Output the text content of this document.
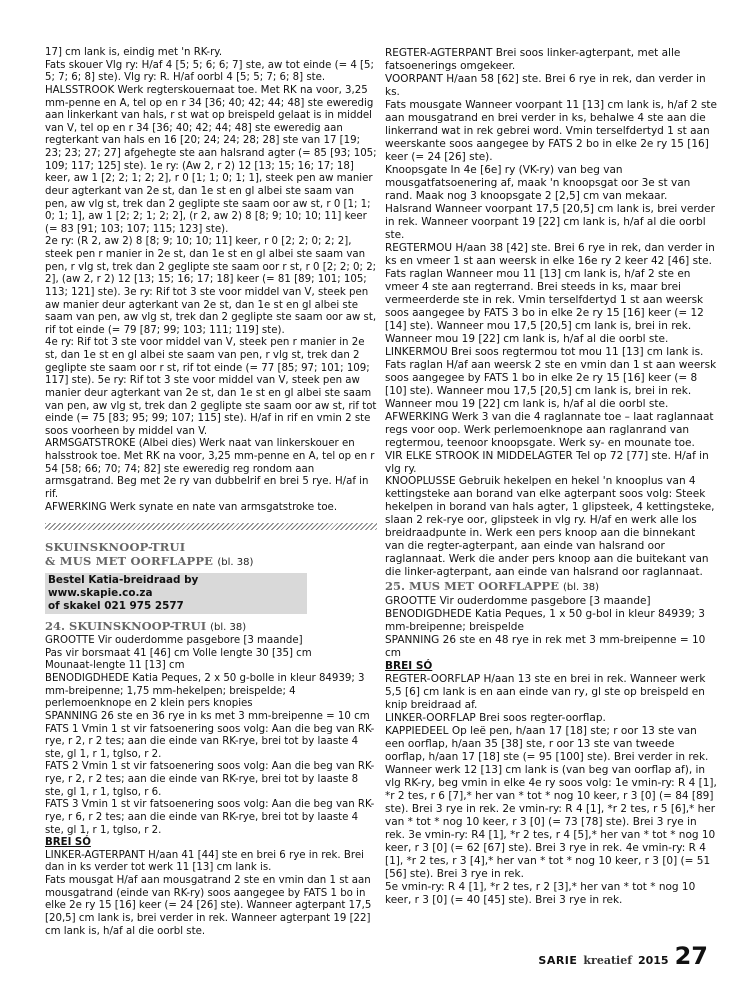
17] cm lank is, eindig met 'n RK-ry.

Fats skouer Vlg ry: H/af 4 [5; 5; 6; 6; 7] ste, aw tot einde (= 4 [5; 5; 7; 6; 8] ste). Vlg ry: R. H/af oorbl 4 [5; 5; 7; 6; 8] ste.

HALSSTROOK Werk regterskouernaat toe. Met RK na voor, 3,25 mm-penne en A, tel op en r 34 [36; 40; 42; 44; 48] ste eweredig aan linkerkant van hals, r st wat op breispeld gelaat is in middel van V, tel op en r 34 [36; 40; 42; 44; 48] ste eweredig aan regterkant van hals en 16 [20; 24; 24; 28; 28] ste van 17 [19; 23; 23; 27; 27] afgehegte ste aan halsrand agter (= 85 [93; 105; 109; 117; 125] ste). 1e ry: (Aw 2, r 2) 12 [13; 15; 16; 17; 18] keer, aw 1 [2; 2; 1; 2; 2], r 0 [1; 1; 0; 1; 1], steek pen aw manier deur agterkant van 2e st, dan 1e st en gl albei ste saam van pen, aw vlg st, trek dan 2 geglipte ste saam oor aw st, r 0 [1; 1; 0; 1; 1], aw 1 [2; 2; 1; 2; 2], (r 2, aw 2) 8 [8; 9; 10; 10; 11] keer (= 83 [91; 103; 107; 115; 123] ste).

2e ry: (R 2, aw 2) 8 [8; 9; 10; 10; 11] keer, r 0 [2; 2; 0; 2; 2], steek pen r manier in 2e st, dan 1e st en gl albei ste saam van pen, r vlg st, trek dan 2 geglipte ste saam oor r st, r 0 [2; 2; 0; 2; 2], (aw 2, r 2) 12 [13; 15; 16; 17; 18] keer (= 81 [89; 101; 105; 113; 121] ste). 3e ry: Rif tot 3 ste voor middel van V, steek pen aw manier deur agterkant van 2e st, dan 1e st en gl albei ste saam van pen, aw vlg st, trek dan 2 geglipte ste saam oor aw st, rif tot einde (= 79 [87; 99; 103; 111; 119] ste).

4e ry: Rif tot 3 ste voor middel van V, steek pen r manier in 2e st, dan 1e st en gl albei ste saam van pen, r vlg st, trek dan 2 geglipte ste saam oor r st, rif tot einde (= 77 [85; 97; 101; 109; 117] ste). 5e ry: Rif tot 3 ste voor middel van V, steek pen aw manier deur agterkant van 2e st, dan 1e st en gl albei ste saam van pen, aw vlg st, trek dan 2 geglipte ste saam oor aw st, rif tot einde (= 75 [83; 95; 99; 107; 115] ste). H/af in rif en vmin 2 ste soos voorheen by middel van V.

ARMSGATSTROKE (Albei dies) Werk naat van linkerskouer en halsstrook toe. Met RK na voor, 3,25 mm-penne en A, tel op en r 54 [58; 66; 70; 74; 82] ste eweredig reg rondom aan armsgatrand. Beg met 2e ry van dubbelrif en brei 5 rye. H/af in rif.

AFWERKING Werk synate en nate van armsgatstroke toe.

SKUINSKNOOP-TRUI
& MUS MET OORFLAPPE (bl. 38)

Bestel Katia-breidraad by www.skapie.co.za
of skakel 021 975 2577

24. SKUINSKNOOP-TRUI (bl. 38)

GROOTTE Vir ouderdomme pasgebore [3 maande]

Pas vir borsmaat 41 [46] cm Volle lengte 30 [35] cm

Mounaat-lengte 11 [13] cm

BENODIGDHEDE Katia Peques, 2 x 50 g-bolle in kleur 84939; 3 mm-breipenne; 1,75 mm-hekelpen; breispelde; 4 perlemoenknope en 2 klein pers knopies

SPANNING 26 ste en 36 rye in ks met 3 mm-breipenne = 10 cm

FATS 1 Vmin 1 st vir fatsoenering soos volg: Aan die beg van RK-rye, r 2, r 2 tes; aan die einde van RK-rye, brei tot by laaste 4 ste, gl 1, r 1, tglso, r 2.

FATS 2 Vmin 1 st vir fatsoenering soos volg: Aan die beg van RK-rye, r 2, r 2 tes; aan die einde van RK-rye, brei tot by laaste 8 ste, gl 1, r 1, tglso, r 6.

FATS 3 Vmin 1 st vir fatsoenering soos volg: Aan die beg van RK-rye, r 6, r 2 tes; aan die einde van RK-rye, brei tot by laaste 4 ste, gl 1, r 1, tglso, r 2.

BREI SÓ

LINKER-AGTERPANT H/aan 41 [44] ste en brei 6 rye in rek. Brei dan in ks verder tot werk 11 [13] cm lank is.

Fats mousgat H/af aan mousgatrand 2 ste en vmin dan 1 st aan mousgatrand (einde van RK-ry) soos aangegee by FATS 1 bo in elke 2e ry 15 [16] keer (= 24 [26] ste). Wanneer agterpant 17,5 [20,5] cm lank is, brei verder in rek. Wanneer agterpant 19 [22] cm lank is, h/af al die oorbl ste.

REGTER-AGTERPANT Brei soos linker-agterpant, met alle fatsoenerings omgekeer.

VOORPANT H/aan 58 [62] ste. Brei 6 rye in rek, dan verder in ks.

Fats mousgate Wanneer voorpant 11 [13] cm lank is, h/af 2 ste aan mousgatrand en brei verder in ks, behalwe 4 ste aan die linkerrand wat in rek gebrei word. Vmin terselfdertyd 1 st aan weerskante soos aangegee by FATS 2 bo in elke 2e ry 15 [16] keer (= 24 [26] ste).

Knoopsgate In 4e [6e] ry (VK-ry) van beg van mousgatfatsoenering af, maak 'n knoopsgat oor 3e st van rand. Maak nog 3 knoopsgate 2 [2,5] cm van mekaar.

Halsrand Wanneer voorpant 17,5 [20,5] cm lank is, brei verder in rek. Wanneer voorpant 19 [22] cm lank is, h/af al die oorbl ste.

REGTERMOU H/aan 38 [42] ste. Brei 6 rye in rek, dan verder in ks en vmeer 1 st aan weersk in elke 16e ry 2 keer 42 [46] ste.

Fats raglan Wanneer mou 11 [13] cm lank is, h/af 2 ste en vmeer 4 ste aan regterrand. Brei steeds in ks, maar brei vermeerderde ste in rek. Vmin terselfdertyd 1 st aan weersk soos aangegee by FATS 3 bo in elke 2e ry 15 [16] keer (= 12 [14] ste). Wanneer mou 17,5 [20,5] cm lank is, brei in rek. Wanneer mou 19 [22] cm lank is, h/af al die oorbl ste.

LINKERMOU Brei soos regtermou tot mou 11 [13] cm lank is.

Fats raglan H/af aan weersk 2 ste en vmin dan 1 st aan weersk soos aangegee by FATS 1 bo in elke 2e ry 15 [16] keer (= 8 [10] ste). Wanneer mou 17,5 [20,5] cm lank is, brei in rek. Wanneer mou 19 [22] cm lank is, h/af al die oorbl ste.

AFWERKING Werk 3 van die 4 raglannate toe – laat raglannaat regs voor oop. Werk perlemoenknope aan raglanrand van regtermou, teenoor knoopsgate. Werk sy- en mounate toe.

VIR ELKE STROOK IN MIDDELAGTER Tel op 72 [77] ste. H/af in vlg ry.

KNOOPLUSSE Gebruik hekelpen en hekel 'n knooplus van 4 kettingsteke aan borand van elke agterpant soos volg: Steek hekelpen in borand van hals agter, 1 glipsteek, 4 kettingsteke, slaan 2 rek-rye oor, glipsteek in vlg ry. H/af en werk alle los breidraadpunte in. Werk een pers knoop aan die binnekant van die regter-agterpant, aan einde van halsrand oor raglannaat. Werk die ander pers knoop aan die buitekant van die linker-agterpant, aan einde van halsrand oor raglannaat.

25. MUS MET OORFLAPPE (bl. 38)

GROOTTE Vir ouderdomme pasgebore [3 maande]

BENODIGDHEDE Katia Peques, 1 x 50 g-bol in kleur 84939; 3 mm-breipenne; breispelde

SPANNING 26 ste en 48 rye in rek met 3 mm-breipenne = 10 cm

BREI SÓ

REGTER-OORFLAP H/aan 13 ste en brei in rek. Wanneer werk 5,5 [6] cm lank is en aan einde van ry, gl ste op breispeld en knip breidraad af.

LINKER-OORFLAP Brei soos regter-oorflap.

KAPPIEDEEL Op leë pen, h/aan 17 [18] ste; r oor 13 ste van een oorflap, h/aan 35 [38] ste, r oor 13 ste van tweede oorflap, h/aan 17 [18] ste (= 95 [100] ste). Brei verder in rek. Wanneer werk 12 [13] cm lank is (van beg van oorflap af), in vlg RK-ry, beg vmin in elke 4e ry soos volg: 1e vmin-ry: R 4 [1], *r 2 tes, r 6 [7],* her van * tot * nog 10 keer, r 3 [0] (= 84 [89] ste). Brei 3 rye in rek. 2e vmin-ry: R 4 [1], *r 2 tes, r 5 [6],* her van * tot * nog 10 keer, r 3 [0] (= 73 [78] ste). Brei 3 rye in rek. 3e vmin-ry: R4 [1], *r 2 tes, r 4 [5],* her van * tot * nog 10 keer, r 3 [0] (= 62 [67] ste). Brei 3 rye in rek. 4e vmin-ry: R 4 [1], *r 2 tes, r 3 [4],* her van * tot * nog 10 keer, r 3 [0] (= 51 [56] ste). Brei 3 rye in rek.

5e vmin-ry: R 4 [1], *r 2 tes, r 2 [3],* her van * tot * nog 10 keer, r 3 [0] (= 40 [45] ste). Brei 3 rye in rek.

SARIE kreatief 2015 27
